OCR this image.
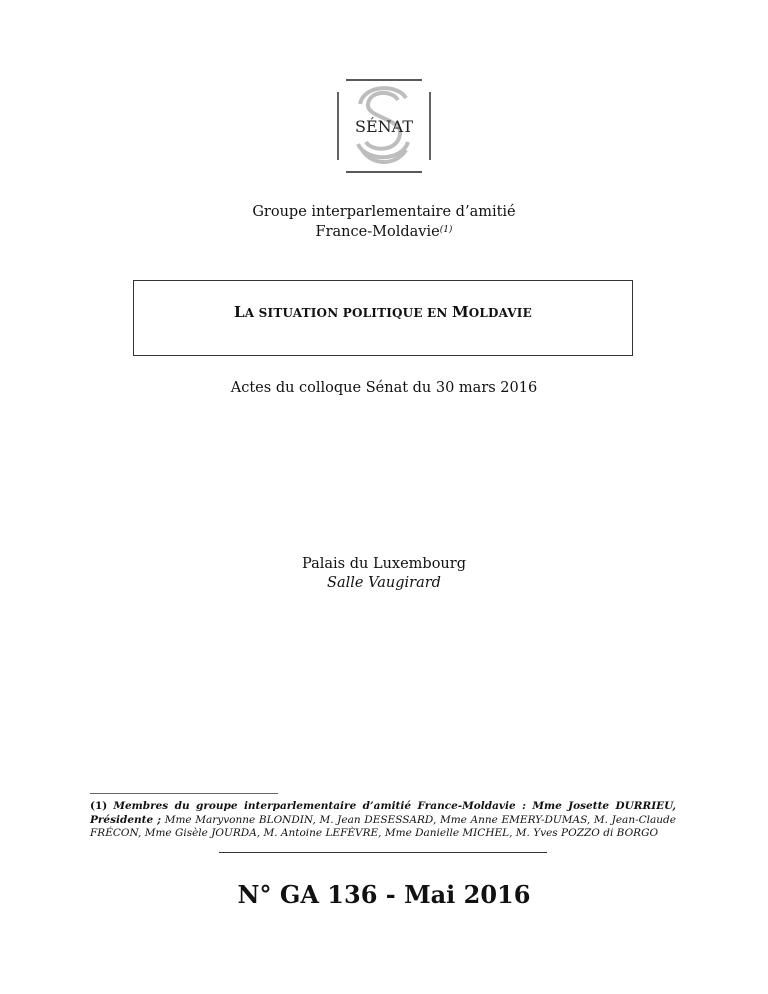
SÉNAT
Groupe interparlementaire d’amitié
France-Moldavie$^{(1)}$
LA SITUATION POLITIQUE EN MOLDAVIE
Actes du colloque Sénat du 30 mars 2016
Palais du Luxembourg
Salle Vaugirard
(1) Membres du groupe interparlementaire d’amitié France-Moldavie : Mme Josette DURRIEU, Présidente ; Mme Maryvonne BLONDIN, M. Jean DESESSARD, Mme Anne EMERY-DUMAS, M. Jean-Claude FRÉCON, Mme Gisèle JOURDA, M. Antoine LEFÈVRE, Mme Danielle MICHEL, M. Yves POZZO di BORGO
N° GA 136 - Mai 2016
